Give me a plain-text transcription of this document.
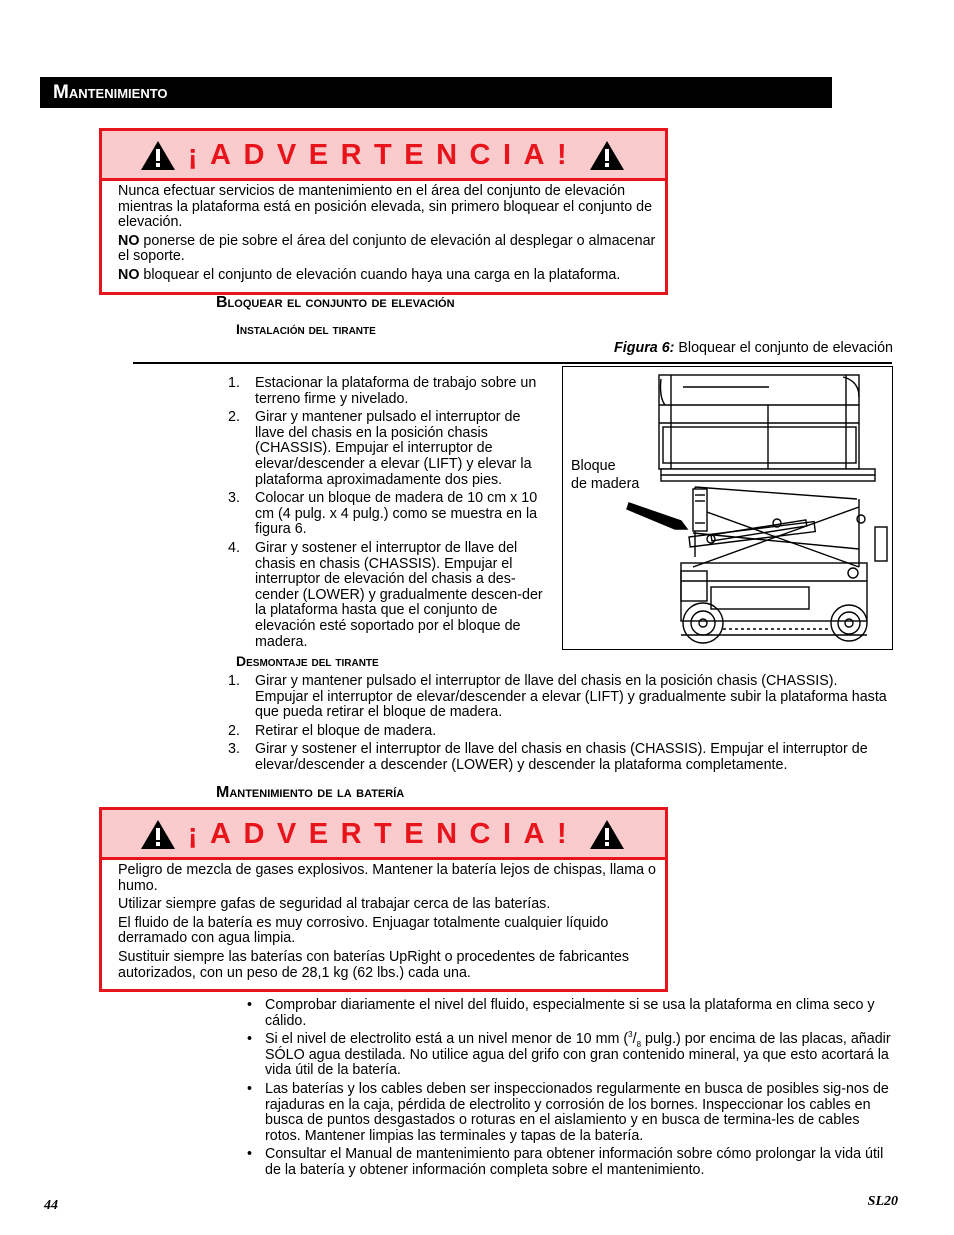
Mantenimiento
¡ADVERTENCIA!

Nunca efectuar servicios de mantenimiento en el área del conjunto de elevación mientras la plataforma está en posición elevada, sin primero bloquear el conjunto de elevación.

NO ponerse de pie sobre el área del conjunto de elevación al desplegar o almacenar el soporte.

NO bloquear el conjunto de elevación cuando haya una carga en la plataforma.

Bloquear el conjunto de elevación
Instalación del tirante
Figura 6: Bloquear el conjunto de elevación
1. Estacionar la plataforma de trabajo sobre un terreno firme y nivelado.
2. Girar y mantener pulsado el interruptor de llave del chasis en la posición chasis (CHASSIS). Empujar el interruptor de elevar/descender a elevar (LIFT) y elevar la plataforma aproximadamente dos pies.
3. Colocar un bloque de madera de 10 cm x 10 cm (4 pulg. x 4 pulg.) como se muestra en la figura 6.
4. Girar y sostener el interruptor de llave del chasis en chasis (CHASSIS). Empujar el interruptor de elevación del chasis a des-cender (LOWER) y gradualmente descen-der la plataforma hasta que el conjunto de elevación esté soportado por el bloque de madera.
Bloque
de madera
Desmontaje del tirante
1. Girar y mantener pulsado el interruptor de llave del chasis en la posición chasis (CHASSIS). Empujar el interruptor de elevar/descender a elevar (LIFT) y gradualmente subir la plataforma hasta que pueda retirar el bloque de madera.
2. Retirar el bloque de madera.
3. Girar y sostener el interruptor de llave del chasis en chasis (CHASSIS). Empujar el interruptor de elevar/descender a descender (LOWER) y descender la plataforma completamente.
Mantenimiento de la batería
¡ADVERTENCIA!

Peligro de mezcla de gases explosivos. Mantener la batería lejos de chispas, llama o humo.

Utilizar siempre gafas de seguridad al trabajar cerca de las baterías.

El fluido de la batería es muy corrosivo. Enjuagar totalmente cualquier líquido derramado con agua limpia.

Sustituir siempre las baterías con baterías UpRight o procedentes de fabricantes autorizados, con un peso de 28,1 kg (62 lbs.) cada una.

• Comprobar diariamente el nivel del fluido, especialmente si se usa la plataforma en clima seco y cálido.
• Si el nivel de electrolito está a un nivel menor de 10 mm ($^3/_8$ pulg.) por encima de las placas, añadir SÓLO agua destilada. No utilice agua del grifo con gran contenido mineral, ya que esto acortará la vida útil de la batería.
• Las baterías y los cables deben ser inspeccionados regularmente en busca de posibles sig-nos de rajaduras en la caja, pérdida de electrolito y corrosión de los bornes. Inspeccionar los cables en busca de puntos desgastados o roturas en el aislamiento y en busca de termina-les de cables rotos. Mantener limpias las terminales y tapas de la batería.
• Consultar el Manual de mantenimiento para obtener información sobre cómo prolongar la vida útil de la batería y obtener información completa sobre el mantenimiento.
44	SL20
